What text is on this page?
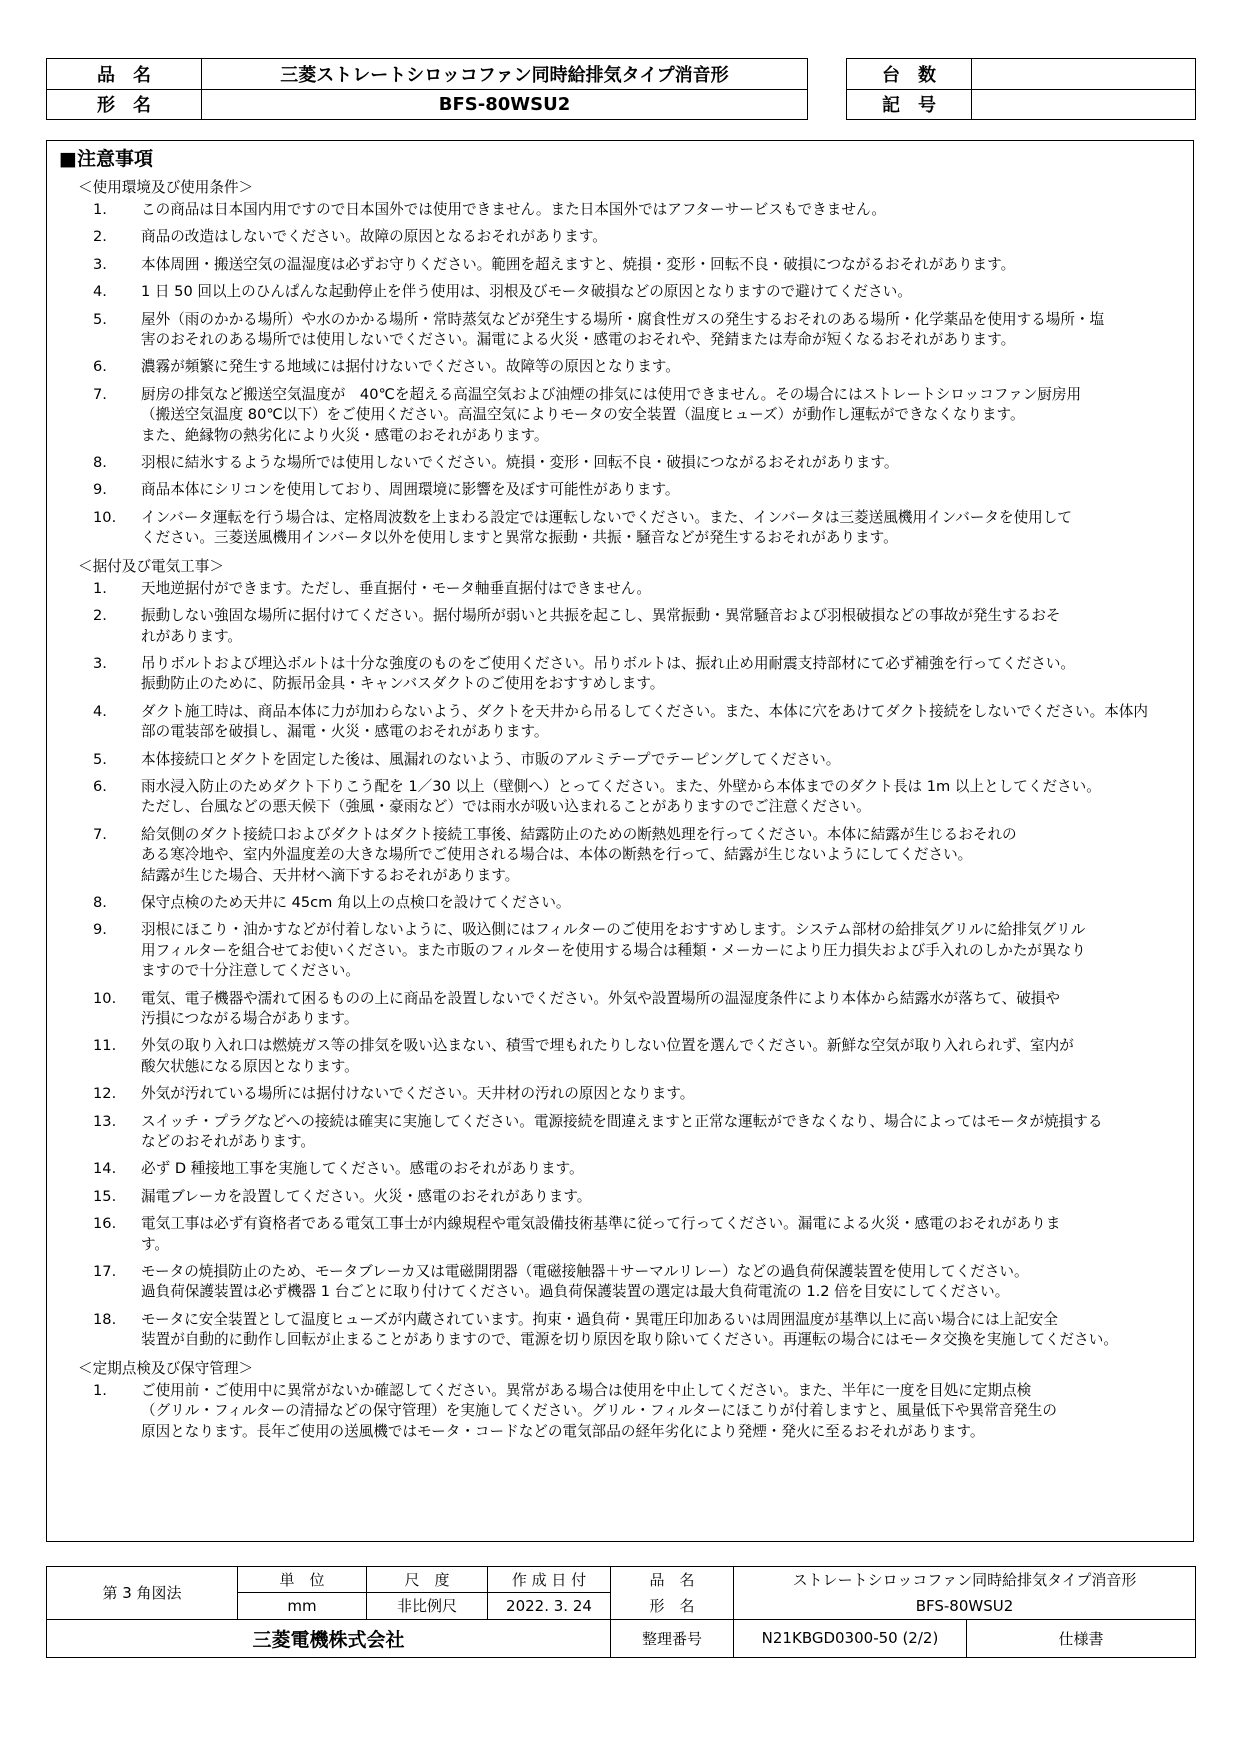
品　名	三菱ストレートシロッコファン同時給排気タイプ消音形
形　名	BFS-80WSU2
台　数	
記　号	
■注意事項
＜使用環境及び使用条件＞
1.	この商品は日本国内用ですので日本国外では使用できません。また日本国外ではアフターサービスもできません。
2.	商品の改造はしないでください。故障の原因となるおそれがあります。
3.	本体周囲・搬送空気の温湿度は必ずお守りください。範囲を超えますと、焼損・変形・回転不良・破損につながるおそれがあります。
4.	1 日 50 回以上のひんぱんな起動停止を伴う使用は、羽根及びモータ破損などの原因となりますので避けてください。
5.	屋外（雨のかかる場所）や水のかかる場所・常時蒸気などが発生する場所・腐食性ガスの発生するおそれのある場所・化学薬品を使用する場所・塩
害のおそれのある場所では使用しないでください。漏電による火災・感電のおそれや、発錆または寿命が短くなるおそれがあります。
6.	濃霧が頻繁に発生する地域には据付けないでください。故障等の原因となります。
7.	厨房の排気など搬送空気温度が　40℃を超える高温空気および油煙の排気には使用できません。その場合にはストレートシロッコファン厨房用
（搬送空気温度 80℃以下）をご使用ください。高温空気によりモータの安全装置（温度ヒューズ）が動作し運転ができなくなります。
また、絶縁物の熱劣化により火災・感電のおそれがあります。
8.	羽根に結氷するような場所では使用しないでください。焼損・変形・回転不良・破損につながるおそれがあります。
9.	商品本体にシリコンを使用しており、周囲環境に影響を及ぼす可能性があります。
10.	インバータ運転を行う場合は、定格周波数を上まわる設定では運転しないでください。また、インバータは三菱送風機用インバータを使用して
ください。三菱送風機用インバータ以外を使用しますと異常な振動・共振・騒音などが発生するおそれがあります。
＜据付及び電気工事＞
1.	天地逆据付ができます。ただし、垂直据付・モータ軸垂直据付はできません。
2.	振動しない強固な場所に据付けてください。据付場所が弱いと共振を起こし、異常振動・異常騒音および羽根破損などの事故が発生するおそ
れがあります。
3.	吊りボルトおよび埋込ボルトは十分な強度のものをご使用ください。吊りボルトは、振れ止め用耐震支持部材にて必ず補強を行ってください。
振動防止のために、防振吊金具・キャンバスダクトのご使用をおすすめします。
4.	ダクト施工時は、商品本体に力が加わらないよう、ダクトを天井から吊るしてください。また、本体に穴をあけてダクト接続をしないでください。本体内
部の電装部を破損し、漏電・火災・感電のおそれがあります。
5.	本体接続口とダクトを固定した後は、風漏れのないよう、市販のアルミテープでテーピングしてください。
6.	雨水浸入防止のためダクト下りこう配を 1／30 以上（壁側へ）とってください。また、外壁から本体までのダクト長は 1m 以上としてください。
ただし、台風などの悪天候下（強風・豪雨など）では雨水が吸い込まれることがありますのでご注意ください。
7.	給気側のダクト接続口およびダクトはダクト接続工事後、結露防止のための断熱処理を行ってください。本体に結露が生じるおそれの
ある寒冷地や、室内外温度差の大きな場所でご使用される場合は、本体の断熱を行って、結露が生じないようにしてください。
結露が生じた場合、天井材へ滴下するおそれがあります。
8.	保守点検のため天井に 45cm 角以上の点検口を設けてください。
9.	羽根にほこり・油かすなどが付着しないように、吸込側にはフィルターのご使用をおすすめします。システム部材の給排気グリルに給排気グリル
用フィルターを組合せてお使いください。また市販のフィルターを使用する場合は種類・メーカーにより圧力損失および手入れのしかたが異なり
ますので十分注意してください。
10.	電気、電子機器や濡れて困るものの上に商品を設置しないでください。外気や設置場所の温湿度条件により本体から結露水が落ちて、破損や
汚損につながる場合があります。
11.	外気の取り入れ口は燃焼ガス等の排気を吸い込まない、積雪で埋もれたりしない位置を選んでください。新鮮な空気が取り入れられず、室内が
酸欠状態になる原因となります。
12.	外気が汚れている場所には据付けないでください。天井材の汚れの原因となります。
13.	スイッチ・プラグなどへの接続は確実に実施してください。電源接続を間違えますと正常な運転ができなくなり、場合によってはモータが焼損する
などのおそれがあります。
14.	必ず D 種接地工事を実施してください。感電のおそれがあります。
15.	漏電ブレーカを設置してください。火災・感電のおそれがあります。
16.	電気工事は必ず有資格者である電気工事士が内線規程や電気設備技術基準に従って行ってください。漏電による火災・感電のおそれがありま
す。
17.	モータの焼損防止のため、モータブレーカ又は電磁開閉器（電磁接触器＋サーマルリレー）などの過負荷保護装置を使用してください。
過負荷保護装置は必ず機器 1 台ごとに取り付けてください。過負荷保護装置の選定は最大負荷電流の 1.2 倍を目安にしてください。
18.	モータに安全装置として温度ヒューズが内蔵されています。拘束・過負荷・異電圧印加あるいは周囲温度が基準以上に高い場合には上記安全
装置が自動的に動作し回転が止まることがありますので、電源を切り原因を取り除いてください。再運転の場合にはモータ交換を実施してください。
＜定期点検及び保守管理＞
1.	ご使用前・ご使用中に異常がないか確認してください。異常がある場合は使用を中止してください。また、半年に一度を目処に定期点検
（グリル・フィルターの清掃などの保守管理）を実施してください。グリル・フィルターにほこりが付着しますと、風量低下や異常音発生の
原因となります。長年ご使用の送風機ではモータ・コードなどの電気部品の経年劣化により発煙・発火に至るおそれがあります。
第 3 角図法	単　位	尺　度	作 成 日 付	品　名	ストレートシロッコファン同時給排気タイプ消音形	
	mm	非比例尺	2022. 3. 24	形　名	BFS-80WSU2	
三菱電機株式会社				整理番号	N21KBGD0300-50 (2/2)	仕様書
